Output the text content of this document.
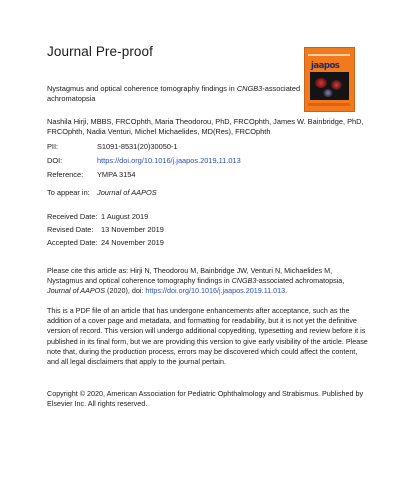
Journal Pre-proof
jaapos
Nystagmus and optical coherence tomography findings in CNGB3-associated achromatopsia
Nashila Hirji, MBBS, FRCOphth, Maria Theodorou, PhD, FRCOphth, James W. Bainbridge, PhD, FRCOphth, Nadia Venturi, Michel Michaelides, MD(Res), FRCOphth
PII:	S1091-8531(20)30050-1
DOI:	https://doi.org/10.1016/j.jaapos.2019.11.013
Reference: YMPA 3154
To appear in: Journal of AAPOS
Received Date: 1 August 2019
Revised Date: 13 November 2019
Accepted Date: 24 November 2019
Please cite this article as: Hirji N, Theodorou M, Bainbridge JW, Venturi N, Michaelides M, Nystagmus and optical coherence tomography findings in CNGB3-associated achromatopsia, Journal of AAPOS (2020), doi: https://doi.org/10.1016/j.jaapos.2019.11.013.
This is a PDF file of an article that has undergone enhancements after acceptance, such as the addition of a cover page and metadata, and formatting for readability, but it is not yet the definitive version of record. This version will undergo additional copyediting, typesetting and review before it is published in its final form, but we are providing this version to give early visibility of the article. Please note that, during the production process, errors may be discovered which could affect the content, and all legal disclaimers that apply to the journal pertain.
Copyright © 2020, American Association for Pediatric Ophthalmology and Strabismus. Published by Elsevier Inc. All rights reserved.
